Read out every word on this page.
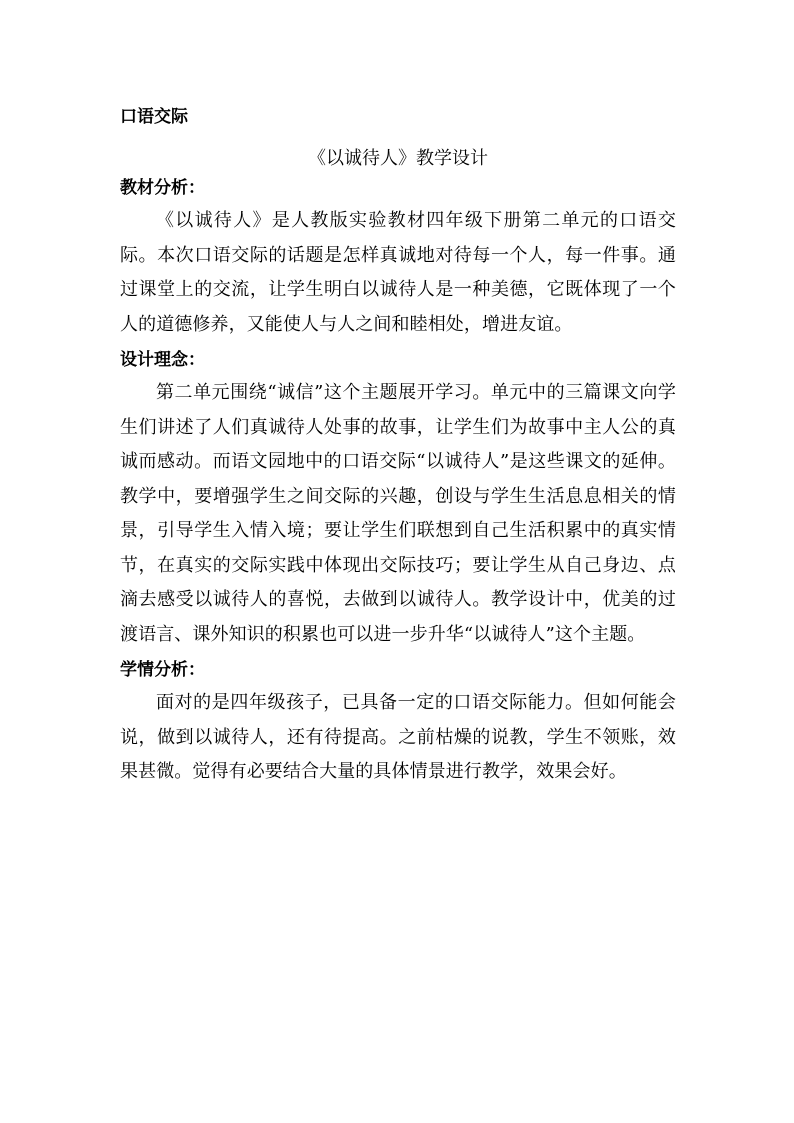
口语交际
《以诚待人》教学设计
教材分析：

《以诚待人》是人教版实验教材四年级下册第二单元的口语交际。本次口语交际的话题是怎样真诚地对待每一个人，每一件事。通过课堂上的交流，让学生明白以诚待人是一种美德，它既体现了一个人的道德修养，又能使人与人之间和睦相处，增进友谊。

设计理念：

第二单元围绕“诚信”这个主题展开学习。单元中的三篇课文向学生们讲述了人们真诚待人处事的故事，让学生们为故事中主人公的真诚而感动。而语文园地中的口语交际“以诚待人”是这些课文的延伸。教学中，要增强学生之间交际的兴趣，创设与学生生活息息相关的情景，引导学生入情入境；要让学生们联想到自己生活积累中的真实情节，在真实的交际实践中体现出交际技巧；要让学生从自己身边、点滴去感受以诚待人的喜悦，去做到以诚待人。教学设计中，优美的过渡语言、课外知识的积累也可以进一步升华“以诚待人”这个主题。

学情分析：

面对的是四年级孩子，已具备一定的口语交际能力。但如何能会说，做到以诚待人，还有待提高。之前枯燥的说教，学生不领账，效果甚微。觉得有必要结合大量的具体情景进行教学，效果会好。
